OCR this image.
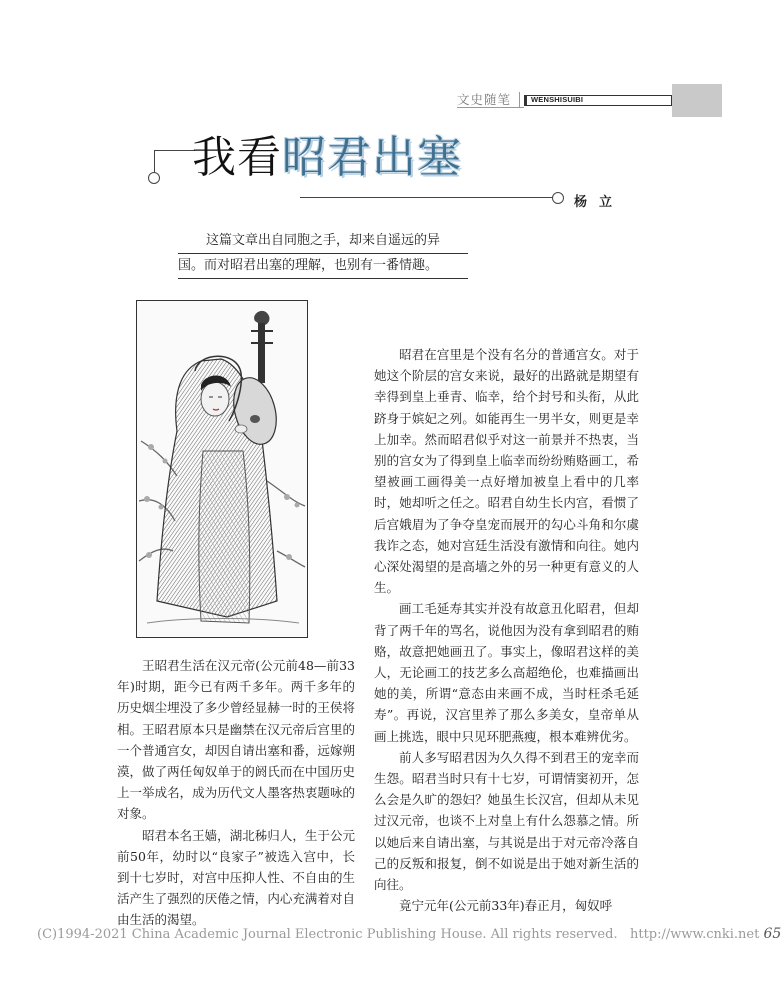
文史随笔	WENSHISUIBI
我看昭君出塞
杨立
这篇文章出自同胞之手，却来自遥远的异
国。而对昭君出塞的理解，也别有一番情趣。

王昭君生活在汉元帝(公元前48—前33年)时期，距今已有两千多年。两千多年的历史烟尘埋没了多少曾经显赫一时的王侯将相。王昭君原本只是幽禁在汉元帝后宫里的一个普通宫女，却因自请出塞和番，远嫁朔漠，做了两任匈奴单于的阏氏而在中国历史上一举成名，成为历代文人墨客热衷题咏的对象。

昭君本名王嫱，湖北秭归人，生于公元前50年，幼时以“良家子”被选入宫中，长到十七岁时，对宫中压抑人性、不自由的生活产生了强烈的厌倦之情，内心充满着对自由生活的渴望。

昭君在宫里是个没有名分的普通宫女。对于她这个阶层的宫女来说，最好的出路就是期望有幸得到皇上垂青、临幸，给个封号和头衔，从此跻身于嫔妃之列。如能再生一男半女，则更是幸上加幸。然而昭君似乎对这一前景并不热衷，当别的宫女为了得到皇上临幸而纷纷贿赂画工，希望被画工画得美一点好增加被皇上看中的几率时，她却听之任之。昭君自幼生长内宫，看惯了后宫娥眉为了争夺皇宠而展开的勾心斗角和尔虞我诈之态，她对宫廷生活没有激情和向往。她内心深处渴望的是高墙之外的另一种更有意义的人生。

画工毛延寿其实并没有故意丑化昭君，但却背了两千年的骂名，说他因为没有拿到昭君的贿赂，故意把她画丑了。事实上，像昭君这样的美人，无论画工的技艺多么高超绝伦，也难描画出她的美，所谓“意态由来画不成，当时枉杀毛延寿”。再说，汉宫里养了那么多美女，皇帝单从画上挑选，眼中只见环肥燕瘦，根本难辨优劣。

前人多写昭君因为久久得不到君王的宠幸而生怨。昭君当时只有十七岁，可谓情窦初开，怎么会是久旷的怨妇？她虽生长汉宫，但却从未见过汉元帝，也谈不上对皇上有什么怨慕之情。所以她后来自请出塞，与其说是出于对元帝冷落自己的反叛和报复，倒不如说是出于她对新生活的向往。

竟宁元年(公元前33年)春正月，匈奴呼

(C)1994-2021 China Academic Journal Electronic Publishing House. All rights reserved. http://www.cnki.net 65
